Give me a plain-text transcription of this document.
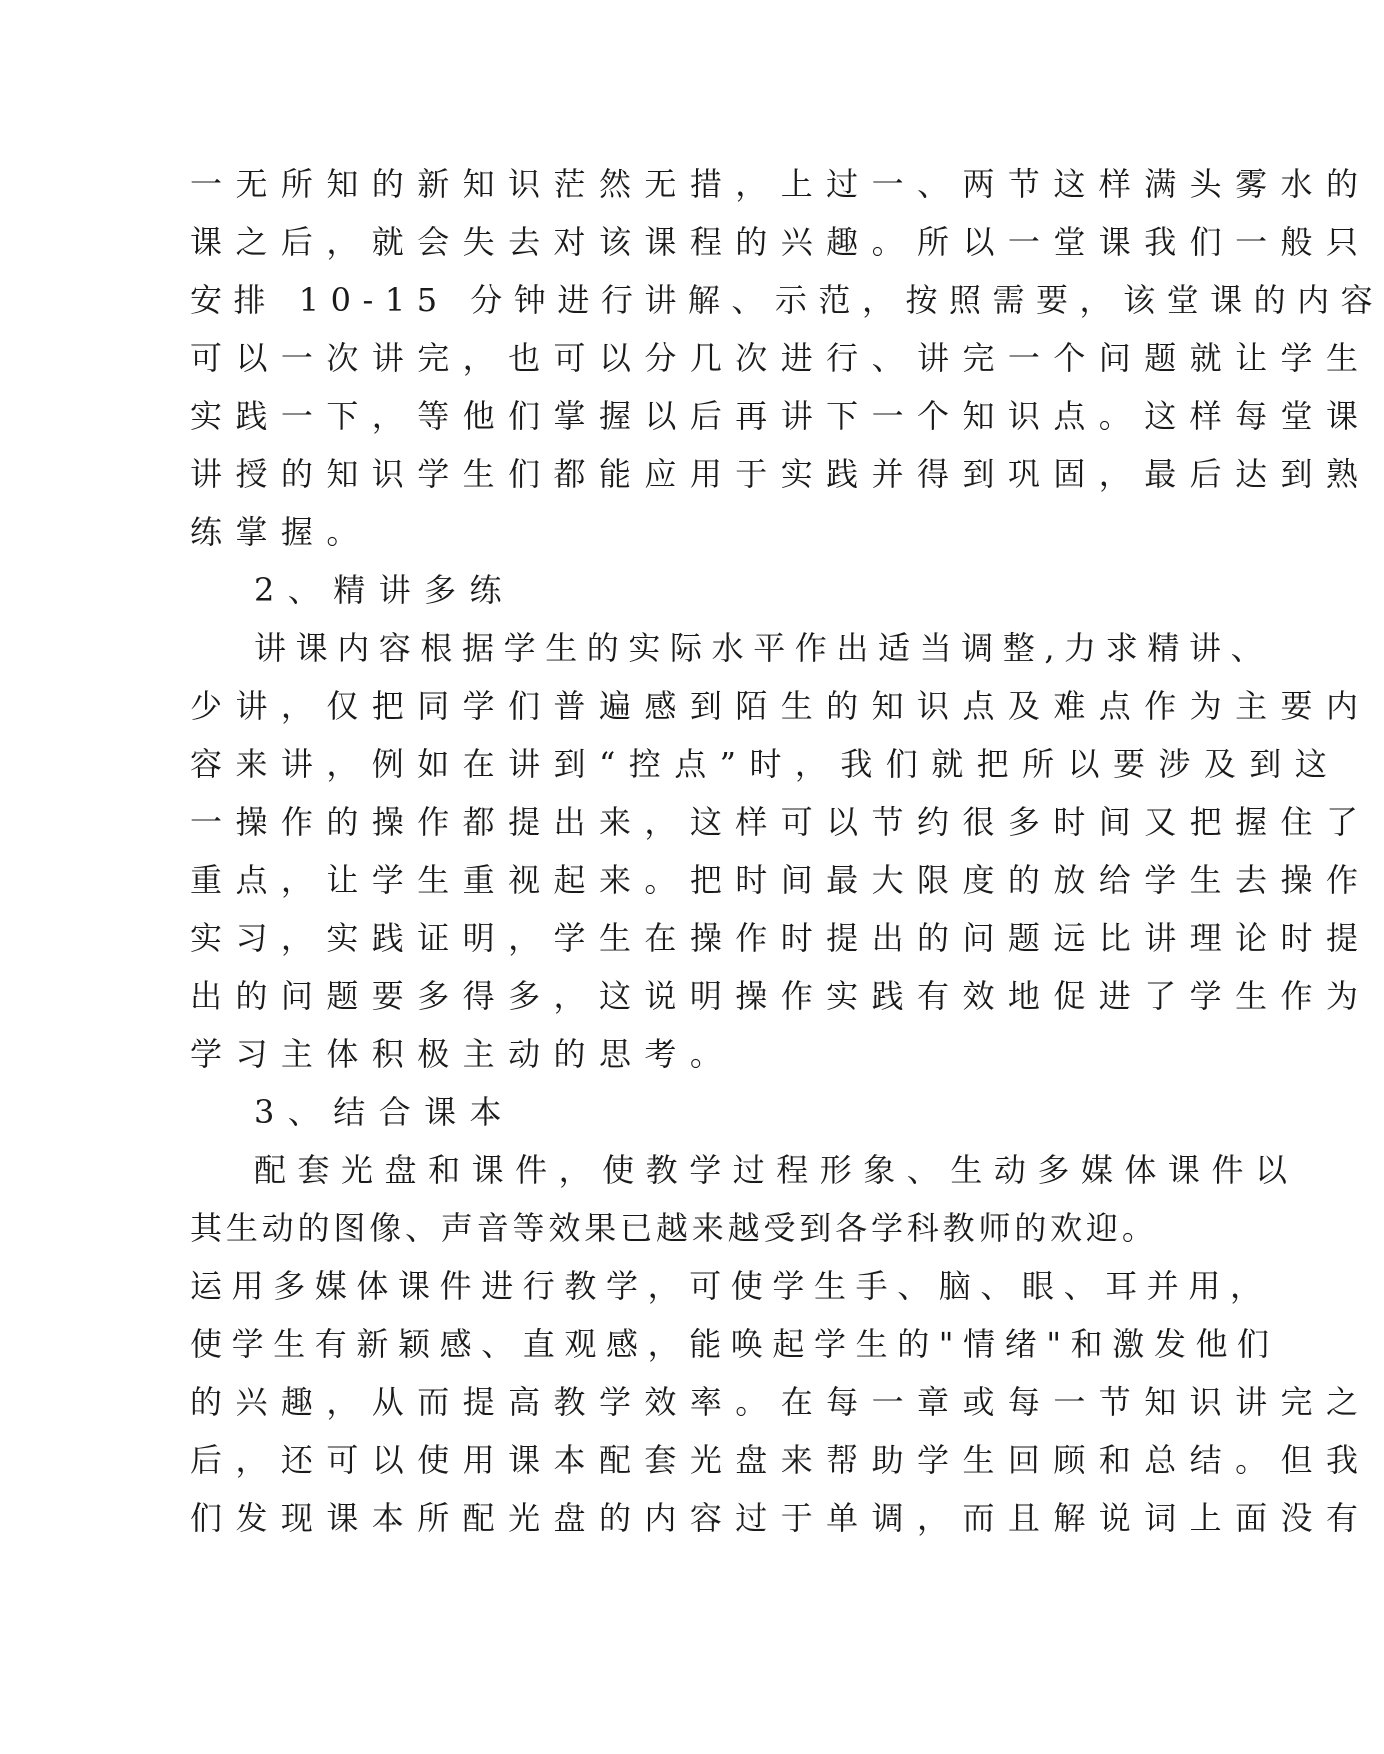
一无所知的新知识茫然无措，上过一、两节这样满头雾水的
课之后，就会失去对该课程的兴趣。所以一堂课我们一般只
安排 10-15 分钟进行讲解、示范，按照需要，该堂课的内容
可以一次讲完，也可以分几次进行、讲完一个问题就让学生
实践一下，等他们掌握以后再讲下一个知识点。这样每堂课
讲授的知识学生们都能应用于实践并得到巩固，最后达到熟
练掌握。
2、精讲多练
讲课内容根据学生的实际水平作出适当调整,力求精讲、
少讲，仅把同学们普遍感到陌生的知识点及难点作为主要内
容来讲，例如在讲到“控点”时，我们就把所以要涉及到这
一操作的操作都提出来，这样可以节约很多时间又把握住了
重点，让学生重视起来。把时间最大限度的放给学生去操作
实习，实践证明，学生在操作时提出的问题远比讲理论时提
出的问题要多得多，这说明操作实践有效地促进了学生作为
学习主体积极主动的思考。
3、结合课本
配套光盘和课件，使教学过程形象、生动多媒体课件以
其生动的图像、声音等效果已越来越受到各学科教师的欢迎。
运用多媒体课件进行教学，可使学生手、脑、眼、耳并用，
使学生有新颖感、直观感，能唤起学生的"情绪"和激发他们
的兴趣，从而提高教学效率。在每一章或每一节知识讲完之
后，还可以使用课本配套光盘来帮助学生回顾和总结。但我
们发现课本所配光盘的内容过于单调，而且解说词上面没有
